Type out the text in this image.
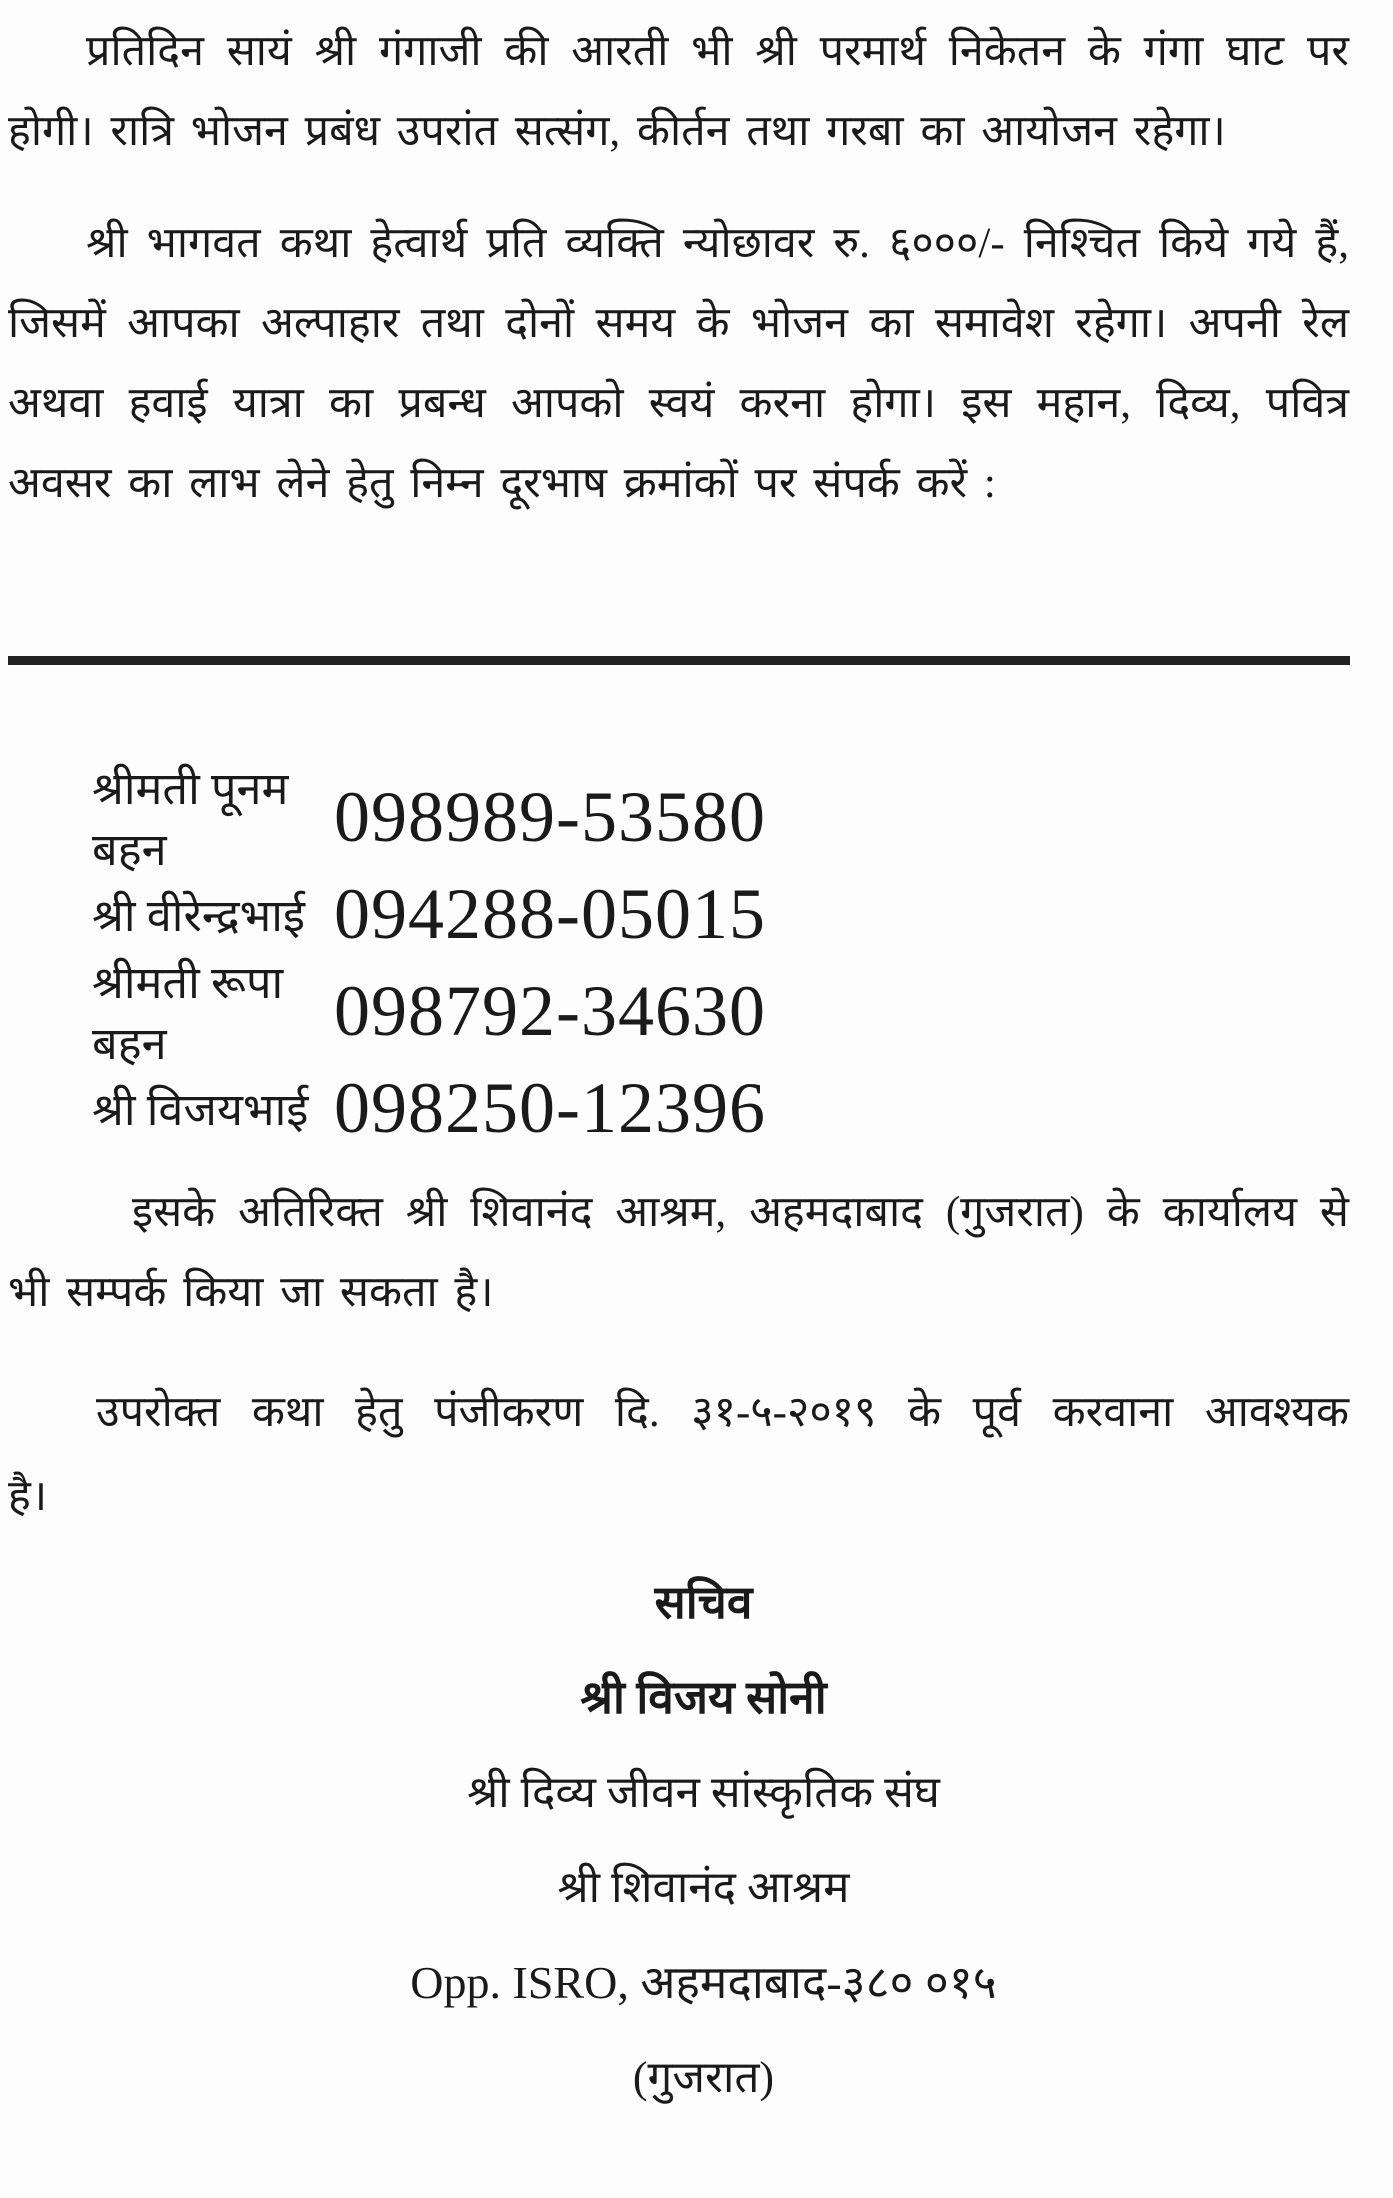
प्रतिदिन सायं श्री गंगाजी की आरती भी श्री परमार्थ निकेतन के गंगा घाट पर होगी। रात्रि भोजन प्रबंध उपरांत सत्संग, कीर्तन तथा गरबा का आयोजन रहेगा।

श्री भागवत कथा हेत्वार्थ प्रति व्यक्ति न्योछावर रु. ६०००/- निश्चित किये गये हैं, जिसमें आपका अल्पाहार तथा दोनों समय के भोजन का समावेश रहेगा। अपनी रेल अथवा हवाई यात्रा का प्रबन्ध आपको स्वयं करना होगा। इस महान, दिव्य, पवित्र अवसर का लाभ लेने हेतु निम्न दूरभाष क्रमांकों पर संपर्क करें :

श्रीमती पूनम बहन	098989-53580
श्री वीरेन्द्रभाई 094288-05015
श्रीमती रूपा बहन	098792-34630
श्री विजयभाई 098250-12396

इसके अतिरिक्त श्री शिवानंद आश्रम, अहमदाबाद (गुजरात) के कार्यालय से भी सम्पर्क किया जा सकता है।

उपरोक्त कथा हेतु पंजीकरण दि. ३१-५-२०१९ के पूर्व करवाना आवश्यक है।

सचिव
श्री विजय सोनी
श्री दिव्य जीवन सांस्कृतिक संघ
श्री शिवानंद आश्रम
Opp. ISRO, अहमदाबाद-३८० ०१५
(गुजरात)
